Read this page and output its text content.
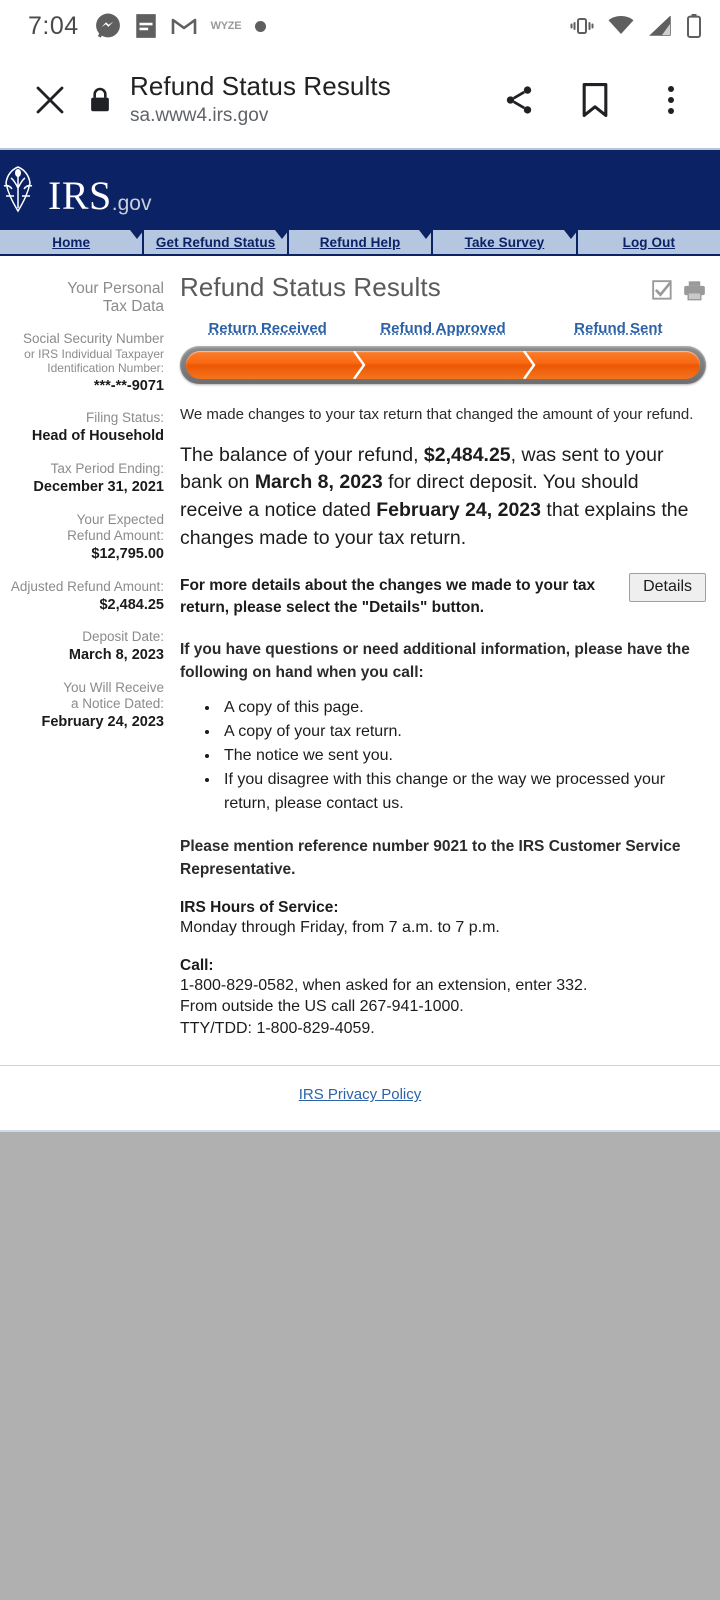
7:04	WYZE
Refund Status Results
sa.www4.irs.gov
IRS .gov
Home	Get Refund Status	Refund Help	Take Survey	Log Out
Your Personal
Tax Data
Social Security Number
or IRS Individual Taxpayer
Identification Number:
***-**-9071
Filing Status:
Head of Household
Tax Period Ending:
December 31, 2021
Your Expected
Refund Amount:
$12,795.00
Adjusted Refund Amount:
$2,484.25
Deposit Date:
March 8, 2023
You Will Receive
a Notice Dated:
February 24, 2023
Refund Status Results
Return Received	Refund Approved	Refund Sent

We made changes to your tax return that changed the amount of your refund.

The balance of your refund, $2,484.25, was sent to your bank on March 8, 2023 for direct deposit. You should receive a notice dated February 24, 2023 that explains the changes made to your tax return.

For more details about the changes we made to your tax return, please select the "Details" button.
Details

If you have questions or need additional information, please have the following on hand when you call:

• A copy of this page.
• A copy of your tax return.
• The notice we sent you.
• If you disagree with this change or the way we processed your return, please contact us.

Please mention reference number 9021 to the IRS Customer Service Representative.

IRS Hours of Service:
Monday through Friday, from 7 a.m. to 7 p.m.
Call:
1-800-829-0582, when asked for an extension, enter 332.
From outside the US call 267-941-1000.
TTY/TDD: 1-800-829-4059.
IRS Privacy Policy
